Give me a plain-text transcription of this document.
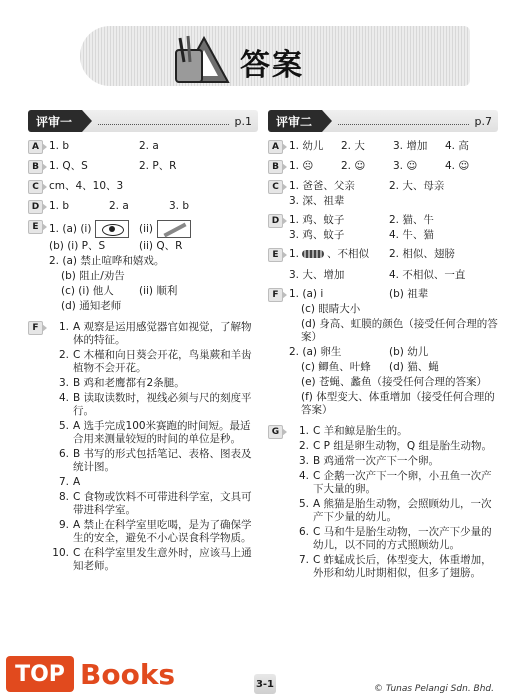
答案
评审一	p.1
A 1. b	2. a
B 1. Q、S	2. P、R
C cm、4、10、3
D 1. b	2. a	3. b
E 1. (a) (i)	(ii)
(b) (i) P、S	(ii) Q、R
2. (a) 禁止喧哗和嬉戏。
(b) 阻止/劝告
(c) (i) 他人	(ii) 顺利
(d) 通知老师
F	1. A 观察是运用感觉器官如视觉，了解物体的特征。
2. C 木槿和向日葵会开花，鸟巢蕨和羊齿植物不会开花。
3. B 鸡和老鹰都有2条腿。
4. B 读取读数时，视线必须与尺的刻度平行。
5. A 选手完成100米赛跑的时间短。最适合用来测量较短的时间的单位是秒。
6. B 书写的形式包括笔记、表格、图表及统计图。
7. A
8. C 食物或饮料不可带进科学室，文具可带进科学室。
9. A 禁止在科学室里吃喝，是为了确保学生的安全，避免不小心误食科学物质。
10. C 在科学室里发生意外时，应该马上通知老师。
评审二	p.7
A 1. 幼儿	2. 大	3. 增加	4. 高
B 1. ☹	2. ☺	3. ☺	4. ☺
C 1. 爸爸、父亲	2. 大、母亲
3. 深、祖辈
D 1. 鸡、蚊子	2. 猫、牛
3. 鸡、蚊子	4. 牛、猫
E 1.	、不相似	2. 相似、翅膀
3. 大、增加	4. 不相似、一直
F 1. (a) i	(b) 祖辈
(c) 眼睛大小
(d) 身高、虹膜的颜色（接受任何合理的答案）
2. (a) 卵生	(b) 幼儿
(c) 鲫鱼、叶蜂	(d) 猫、蝇
(e) 苍蝇、蠡鱼（接受任何合理的答案）
(f) 体型变大、体重增加（接受任何合理的答案）
G	1. C 羊和鲸是胎生的。
2. C P 组是卵生动物，Q 组是胎生动物。
3. B 鸡通常一次产下一个卵。
4. C 企鹅一次产下一个卵，小丑鱼一次产下大量的卵。
5. A 熊猫是胎生动物，会照顾幼儿，一次产下少量的幼儿。
6. C 马和牛是胎生动物，一次产下少量的幼儿，以不同的方式照顾幼儿。
7. C 蚱蜢成长后，体型变大，体重增加，外形和幼儿时期相似，但多了翅膀。
TOP Books	3-1	© Tunas Pelangi Sdn. Bhd.
